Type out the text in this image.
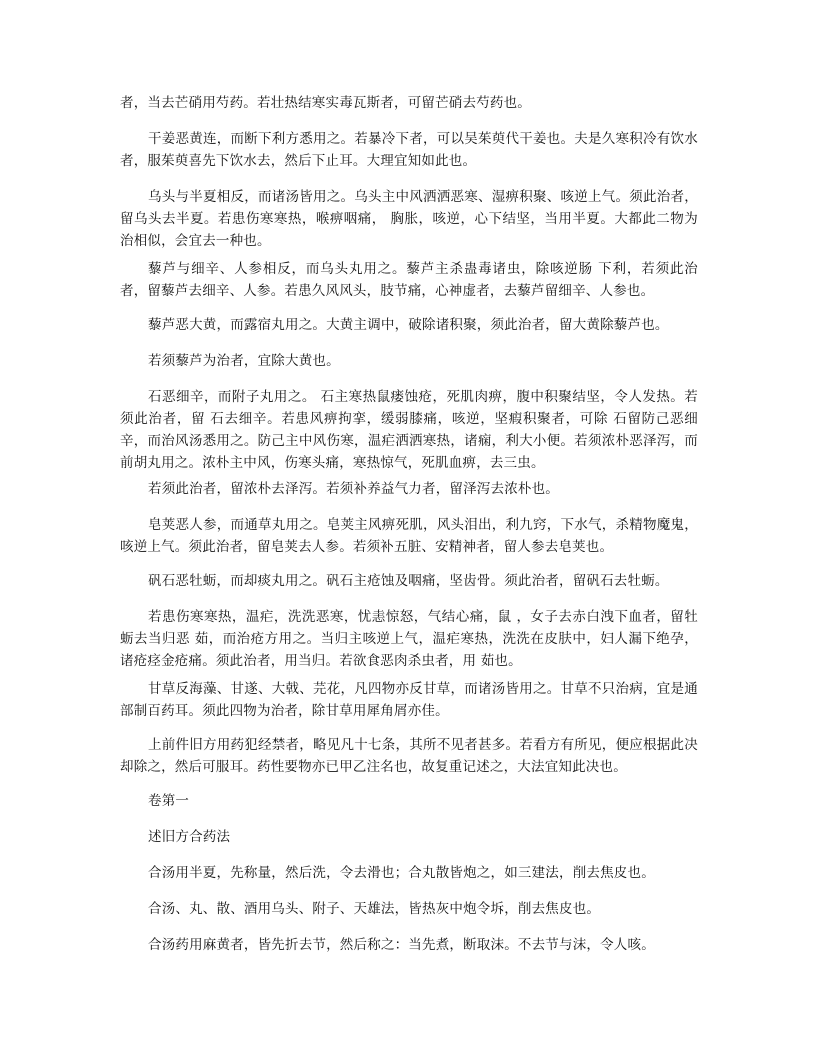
者，当去芒硝用芍药。若壮热结寒实毒瓦斯者，可留芒硝去芍药也。

干姜恶黄连，而断下利方悉用之。若暴冷下者，可以吴茱萸代干姜也。夫是久寒积冷有饮水者，服茱萸喜先下饮水去，然后下止耳。大理宜知如此也。

乌头与半夏相反，而诸汤皆用之。乌头主中风洒洒恶寒、湿痹积聚、咳逆上气。须此治者，留乌头去半夏。若患伤寒寒热，喉痹咽痛， 胸胀，咳逆，心下结坚，当用半夏。大都此二物为治相似，会宜去一种也。

藜芦与细辛、人参相反，而乌头丸用之。藜芦主杀蛊毒诸虫，除咳逆肠 下利，若须此治者，留藜芦去细辛、人参。若患久风风头，肢节痛，心神虚者，去藜芦留细辛、人参也。

藜芦恶大黄，而露宿丸用之。大黄主调中，破除诸积聚，须此治者，留大黄除藜芦也。

若须藜芦为治者，宜除大黄也。

石恶细辛，而附子丸用之。 石主寒热鼠瘘蚀疮，死肌肉痹，腹中积聚结坚，令人发热。若须此治者，留 石去细辛。若患风痹拘挛，缓弱膝痛，咳逆，坚瘕积聚者，可除 石留防己恶细辛，而治风汤悉用之。防己主中风伤寒，温疟洒洒寒热，诸痫，利大小便。若须浓朴恶泽泻，而前胡丸用之。浓朴主中风，伤寒头痛，寒热惊气，死肌血痹，去三虫。

若须此治者，留浓朴去泽泻。若须补养益气力者，留泽泻去浓朴也。

皂荚恶人参，而通草丸用之。皂荚主风痹死肌，风头泪出，利九窍，下水气，杀精物魔鬼，咳逆上气。须此治者，留皂荚去人参。若须补五脏、安精神者，留人参去皂荚也。

矾石恶牡蛎，而却痰丸用之。矾石主疮蚀及咽痛，坚齿骨。须此治者，留矾石去牡蛎。

若患伤寒寒热，温疟，洗洗恶寒，忧恚惊怒，气结心痛，鼠 ，女子去赤白洩下血者，留牡蛎去当归恶 茹，而治疮方用之。当归主咳逆上气，温疟寒热，洗洗在皮肤中，妇人漏下绝孕，诸疮痉金疮痛。须此治者，用当归。若欲食恶肉杀虫者，用 茹也。

甘草反海藻、甘遂、大戟、芫花，凡四物亦反甘草，而诸汤皆用之。甘草不只治病，宜是通部制百药耳。须此四物为治者，除甘草用犀角屑亦佳。

上前件旧方用药犯经禁者，略见凡十七条，其所不见者甚多。若看方有所见，便应根据此决却除之，然后可服耳。药性要物亦已甲乙注名也，故复重记述之，大法宜知此决也。

卷第一

述旧方合药法

合汤用半夏，先称量，然后洗，令去滑也；合丸散皆炮之，如三建法，削去焦皮也。

合汤、丸、散、酒用乌头、附子、天雄法，皆热灰中炮令坼，削去焦皮也。

合汤药用麻黄者，皆先折去节，然后称之：当先煮，断取沫。不去节与沫，令人咳。
